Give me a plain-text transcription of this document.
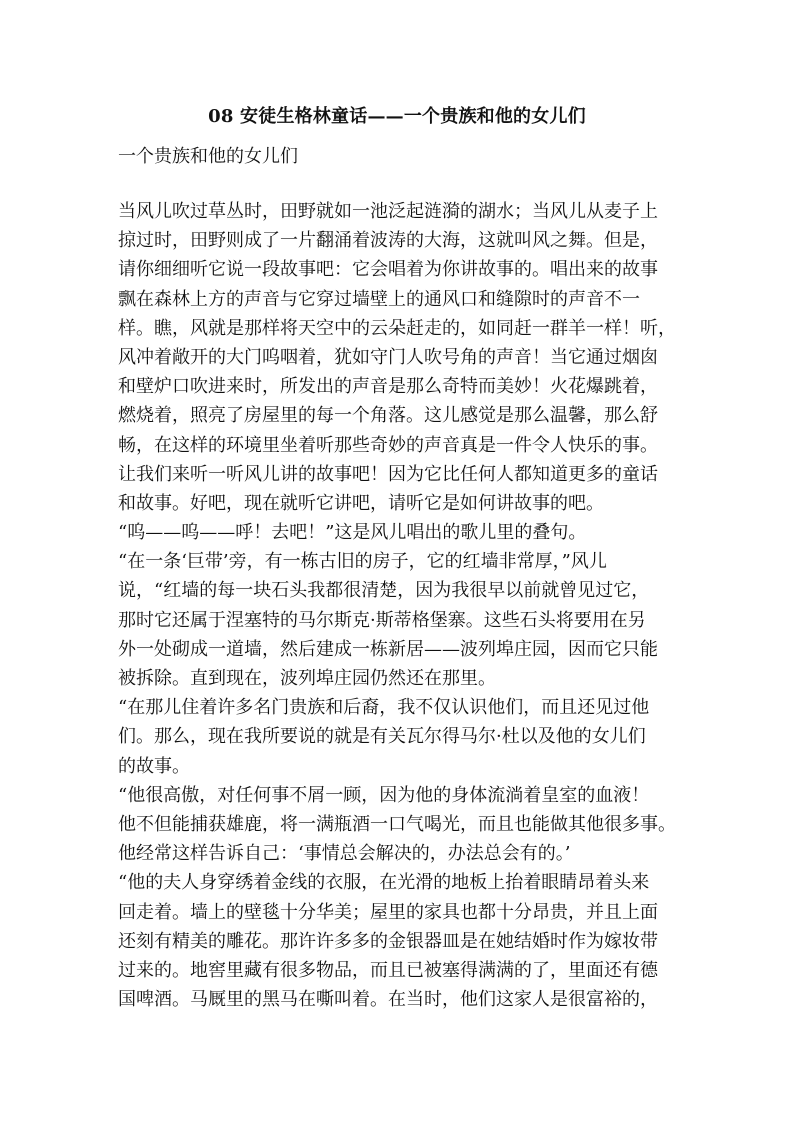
08 安徒生格林童话——一个贵族和他的女儿们
一个贵族和他的女儿们
当风儿吹过草丛时，田野就如一池泛起涟漪的湖水；当风儿从麦子上
掠过时，田野则成了一片翻涌着波涛的大海，这就叫风之舞。但是，
请你细细听它说一段故事吧：它会唱着为你讲故事的。唱出来的故事
飘在森林上方的声音与它穿过墙壁上的通风口和缝隙时的声音不一
样。瞧，风就是那样将天空中的云朵赶走的，如同赶一群羊一样！听，
风冲着敞开的大门呜咽着，犹如守门人吹号角的声音！当它通过烟囱
和壁炉口吹进来时，所发出的声音是那么奇特而美妙！火花爆跳着，
燃烧着，照亮了房屋里的每一个角落。这儿感觉是那么温馨，那么舒
畅，在这样的环境里坐着听那些奇妙的声音真是一件令人快乐的事。
让我们来听一听风儿讲的故事吧！因为它比任何人都知道更多的童话
和故事。好吧，现在就听它讲吧，请听它是如何讲故事的吧。
“呜——呜——呼！去吧！”这是风儿唱出的歌儿里的叠句。
“在一条‘巨带’旁，有一栋古旧的房子，它的红墙非常厚，”风儿
说，“红墙的每一块石头我都很清楚，因为我很早以前就曾见过它，
那时它还属于涅塞特的马尔斯克·斯蒂格堡寨。这些石头将要用在另
外一处砌成一道墙，然后建成一栋新居——波列埠庄园，因而它只能
被拆除。直到现在，波列埠庄园仍然还在那里。
“在那儿住着许多名门贵族和后裔，我不仅认识他们，而且还见过他
们。那么，现在我所要说的就是有关瓦尔得马尔·杜以及他的女儿们
的故事。
“他很高傲，对任何事不屑一顾，因为他的身体流淌着皇室的血液！
他不但能捕获雄鹿，将一满瓶酒一口气喝光，而且也能做其他很多事。
他经常这样告诉自己：‘事情总会解决的，办法总会有的。’
“他的夫人身穿绣着金线的衣服，在光滑的地板上抬着眼睛昂着头来
回走着。墙上的壁毯十分华美；屋里的家具也都十分昂贵，并且上面
还刻有精美的雕花。那许许多多的金银器皿是在她结婚时作为嫁妆带
过来的。地窖里藏有很多物品，而且已被塞得满满的了，里面还有德
国啤酒。马厩里的黑马在嘶叫着。在当时，他们这家人是很富裕的，
